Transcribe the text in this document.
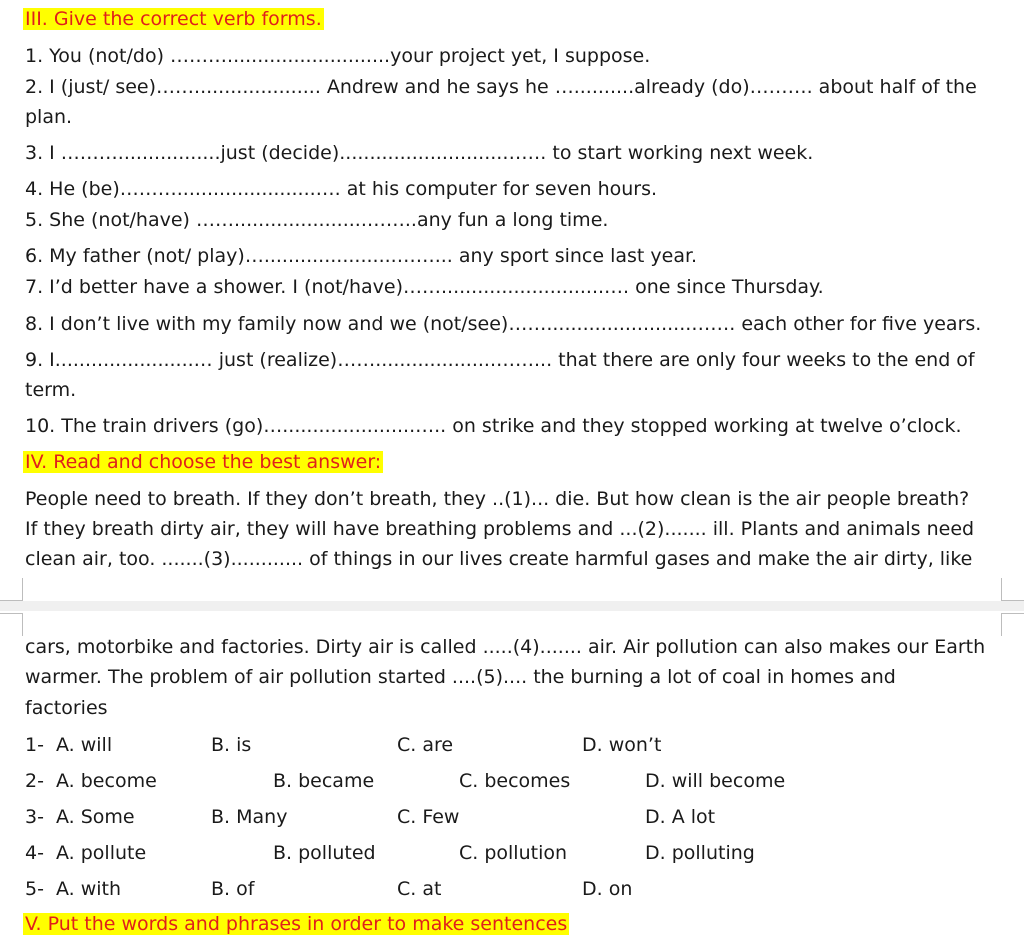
III. Give the correct verb forms.
1. You (not/do) ………...........................your project yet, I suppose.
2. I (just/ see)……..................... Andrew and he says he …..........already (do)………. about half of the
plan.
3. I ……….................just (decide)...........................……. to start working next week.
4. He (be)……….......................…. at his computer for seven hours.
5. She (not/have) ……......................……..any fun a long time.
6. My father (not/ play)…......................……... any sport since last year.
7. I’d better have a shower. I (not/have)……...........................…. one since Thursday.
8. I don’t live with my family now and we (not/see)……........................……. each other for five years.
9. I.......................… just (realize)……....................……... that there are only four weeks to the end of
term.
10. The train drivers (go)…......................….. on strike and they stopped working at twelve o’clock.
IV. Read and choose the best answer:
People need to breath. If they don’t breath, they ..(1)... die. But how clean is the air people breath?
If they breath dirty air, they will have breathing problems and ...(2)....... ill. Plants and animals need
clean air, too. .......(3)............ of things in our lives create harmful gases and make the air dirty, like
cars, motorbike and factories. Dirty air is called .....(4)....... air. Air pollution can also makes our Earth
warmer. The problem of air pollution started ....(5).... the burning a lot of coal in homes and
factories
1- A. will	B. is	C. are	D. won’t
2- A. become	B. became	C. becomes	D. will become
3- A. Some	B. Many	C. Few	D. A lot
4- A. pollute	B. polluted	C. pollution	D. polluting
5- A. with	B. of	C. at	D. on
V. Put the words and phrases in order to make sentences
